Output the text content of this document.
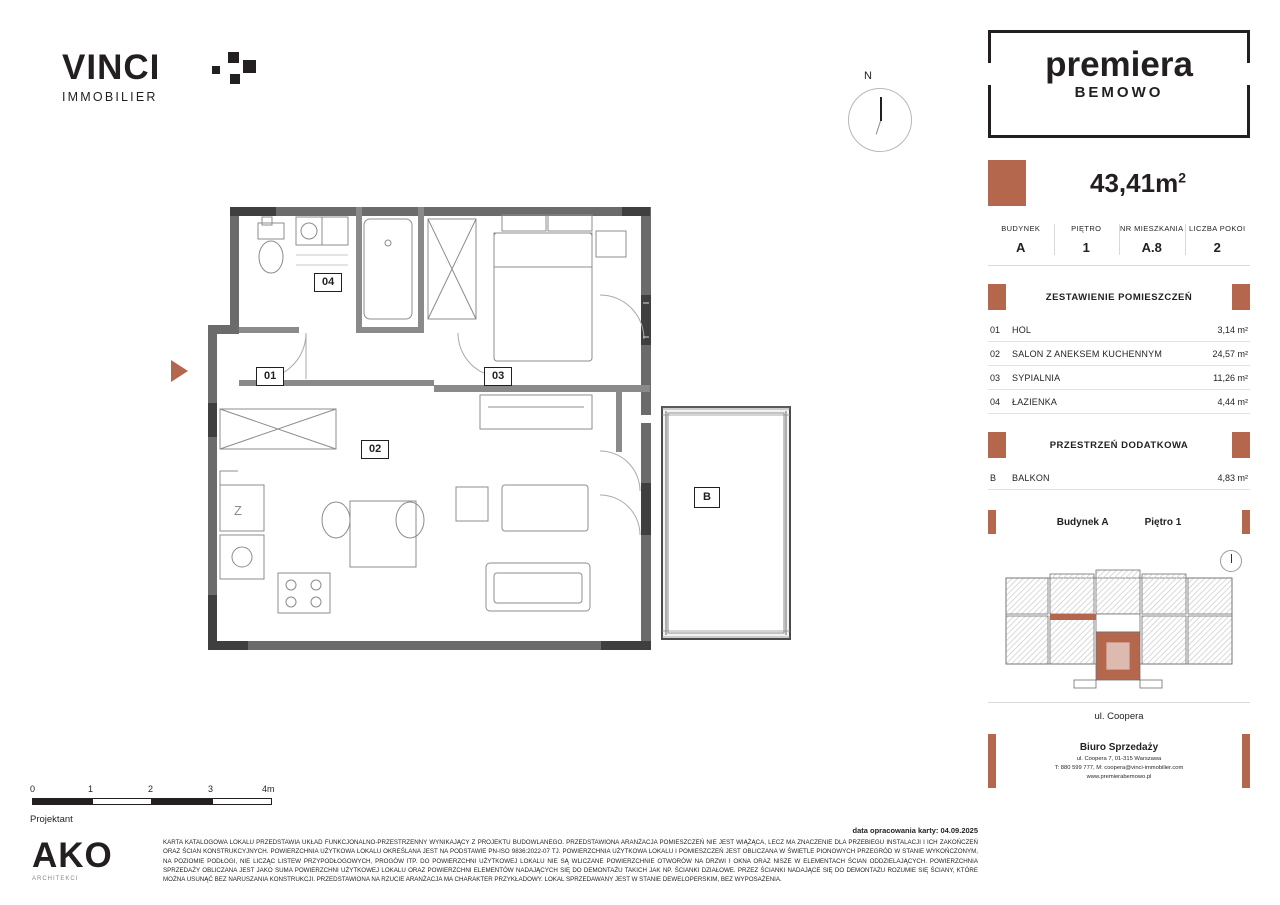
VINCI
IMMOBILIER
N
Z
04
01
02
03
B
0	1	2	3	4m
Projektant
AKO
ARCHITEKCI
data opracowania karty: 04.09.2025
KARTA KATALOGOWA LOKALU PRZEDSTAWIA UKŁAD FUNKCJONALNO-PRZESTRZENNY WYNIKAJĄCY Z PROJEKTU BUDOWLANEGO. PRZEDSTAWIONA ARANŻACJA POMIESZCZEŃ NIE JEST WIĄŻĄCA, LECZ MA ZNACZENIE DLA PRZEBIEGU INSTALACJI I ICH ZAKOŃCZEŃ ORAZ ŚCIAN KONSTRUKCYJNYCH. POWIERZCHNIA UŻYTKOWA LOKALU OKREŚLANA JEST NA PODSTAWIE PN-ISO 9836:2022-07 TJ. POWIERZCHNIA UŻYTKOWA LOKALU I POMIESZCZEŃ JEST OBLICZANA W ŚWIETLE PIONOWYCH PRZEGRÓD W STANIE WYKOŃCZONYM, NA POZIOMIE PODŁOGI, NIE LICZĄC LISTEW PRZYPODŁOGOWYCH, PROGÓW ITP. DO POWIERZCHNI UŻYTKOWEJ LOKALU NIE SĄ WLICZANE POWIERZCHNIE OTWORÓW NA DRZWI I OKNA ORAZ NISZE W ELEMENTACH ŚCIAN ODDZIELAJĄCYCH. POWIERZCHNIA SPRZEDAŻY OBLICZANA JEST JAKO SUMA POWIERZCHNI UŻYTKOWEJ LOKALU ORAZ POWIERZCHNI ELEMENTÓW NADAJĄCYCH SIĘ DO DEMONTAŻU TAKICH JAK NP. ŚCIANKI DZIAŁOWE. PRZEZ ŚCIANKI NADAJĄCE SIĘ DO DEMONTAŻU ROZUMIE SIĘ ŚCIANY, KTÓRE MOŻNA USUNĄĆ BEZ NARUSZANIA KONSTRUKCJI. PRZEDSTAWIONA NA RZUCIE ARANŻACJA MA CHARAKTER PRZYKŁADOWY. LOKAL SPRZEDAWANY JEST W STANIE DEWELOPERSKIM, BEZ WYPOSAŻENIA.
premiera
BEMOWO
$43,41m^2$
BUDYNEK
A
PIĘTRO
1
NR MIESZKANIA
A.8
LICZBA POKOI
2
ZESTAWIENIE POMIESZCZEŃ
01	HOL	3,14 m²
02	SALON Z ANEKSEM KUCHENNYM	24,57 m²
03	SYPIALNIA	11,26 m²
04	ŁAZIENKA	4,44 m²
PRZESTRZEŃ DODATKOWA
B	BALKON	4,83 m²
Budynek A	Piętro 1
ul. Coopera
Biuro Sprzedaży
ul. Coopera 7, 01-315 Warszawa
T: 880 599 777, M: coopera@vinci-immobilier.com
www.premierabemowo.pl
